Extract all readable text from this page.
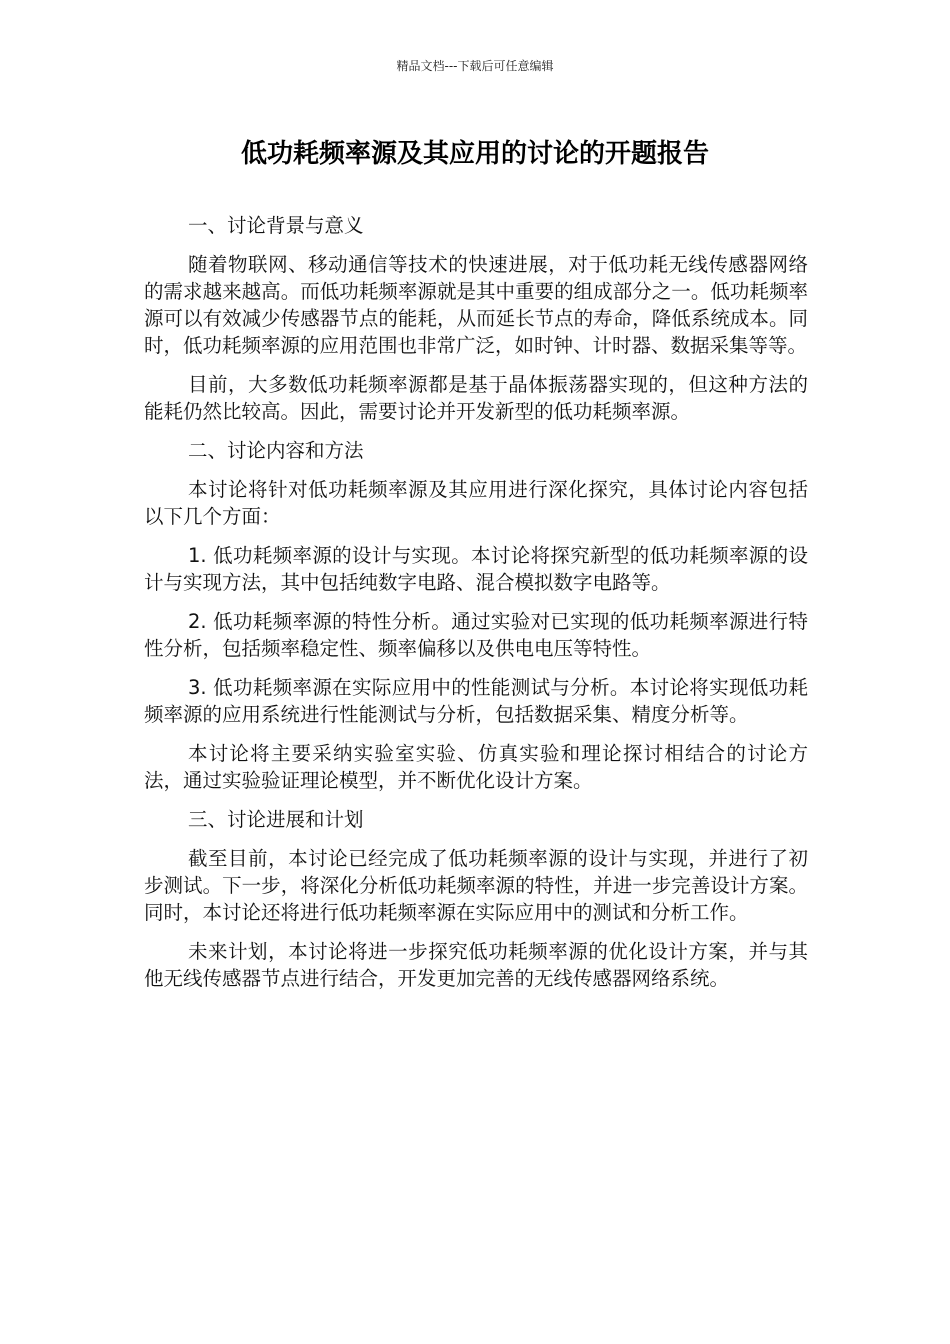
精品文档---下载后可任意编辑
低功耗频率源及其应用的讨论的开题报告

一、讨论背景与意义

随着物联网、移动通信等技术的快速进展，对于低功耗无线传感器网络的需求越来越高。而低功耗频率源就是其中重要的组成部分之一。低功耗频率源可以有效减少传感器节点的能耗，从而延长节点的寿命，降低系统成本。同时，低功耗频率源的应用范围也非常广泛，如时钟、计时器、数据采集等等。

目前，大多数低功耗频率源都是基于晶体振荡器实现的，但这种方法的能耗仍然比较高。因此，需要讨论并开发新型的低功耗频率源。

二、讨论内容和方法

本讨论将针对低功耗频率源及其应用进行深化探究，具体讨论内容包括以下几个方面：

1. 低功耗频率源的设计与实现。本讨论将探究新型的低功耗频率源的设计与实现方法，其中包括纯数字电路、混合模拟数字电路等。

2. 低功耗频率源的特性分析。通过实验对已实现的低功耗频率源进行特性分析，包括频率稳定性、频率偏移以及供电电压等特性。

3. 低功耗频率源在实际应用中的性能测试与分析。本讨论将实现低功耗频率源的应用系统进行性能测试与分析，包括数据采集、精度分析等。

本讨论将主要采纳实验室实验、仿真实验和理论探讨相结合的讨论方法，通过实验验证理论模型，并不断优化设计方案。

三、讨论进展和计划

截至目前，本讨论已经完成了低功耗频率源的设计与实现，并进行了初步测试。下一步，将深化分析低功耗频率源的特性，并进一步完善设计方案。同时，本讨论还将进行低功耗频率源在实际应用中的测试和分析工作。

未来计划，本讨论将进一步探究低功耗频率源的优化设计方案，并与其他无线传感器节点进行结合，开发更加完善的无线传感器网络系统。
